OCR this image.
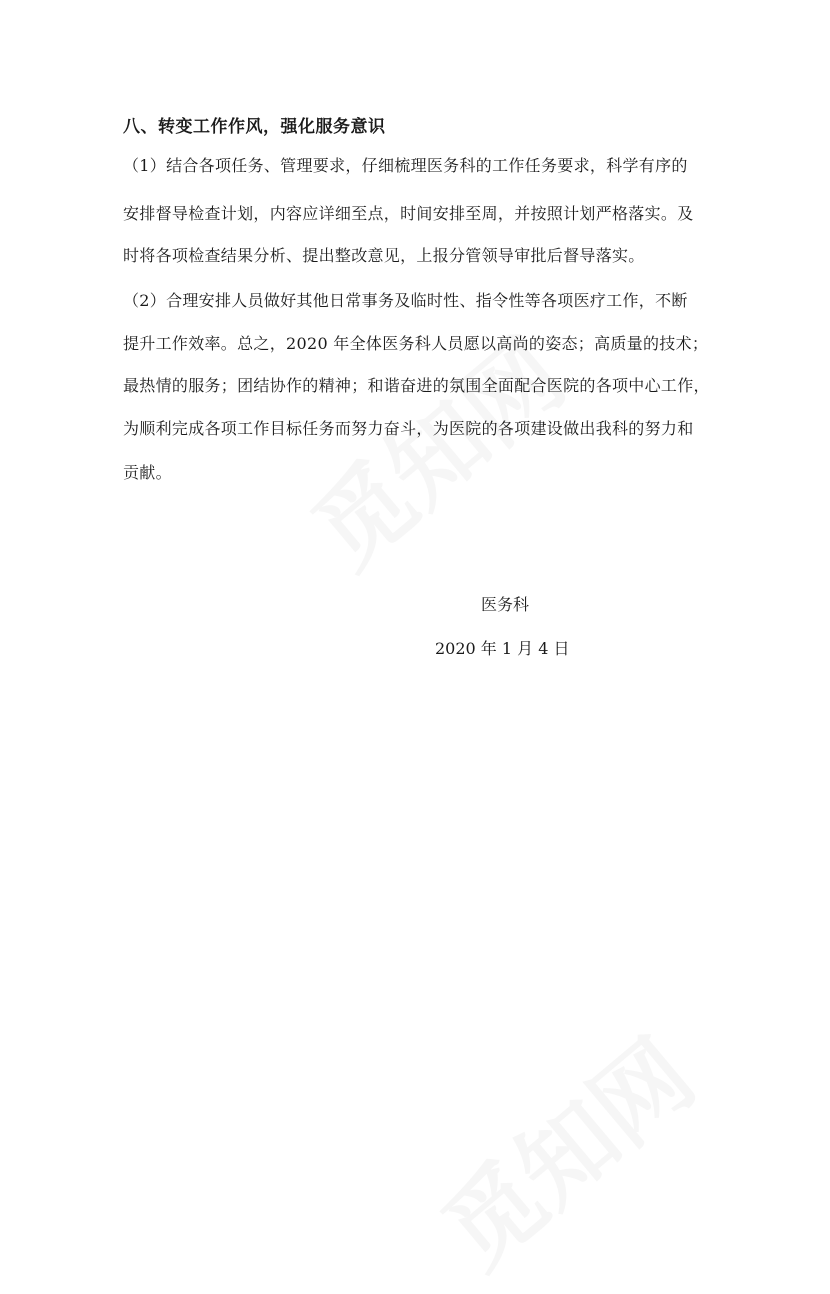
八、转变工作作风，强化服务意识
（1）结合各项任务、管理要求，仔细梳理医务科的工作任务要求，科学有序的
安排督导检查计划，内容应详细至点，时间安排至周，并按照计划严格落实。及
时将各项检查结果分析、提出整改意见，上报分管领导审批后督导落实。
（2）合理安排人员做好其他日常事务及临时性、指令性等各项医疗工作，不断
提升工作效率。总之，2020 年全体医务科人员愿以高尚的姿态；高质量的技术；
最热情的服务；团结协作的精神；和谐奋进的氛围全面配合医院的各项中心工作，
为顺利完成各项工作目标任务而努力奋斗，为医院的各项建设做出我科的努力和
贡献。
医务科
2020 年 1 月 4 日
